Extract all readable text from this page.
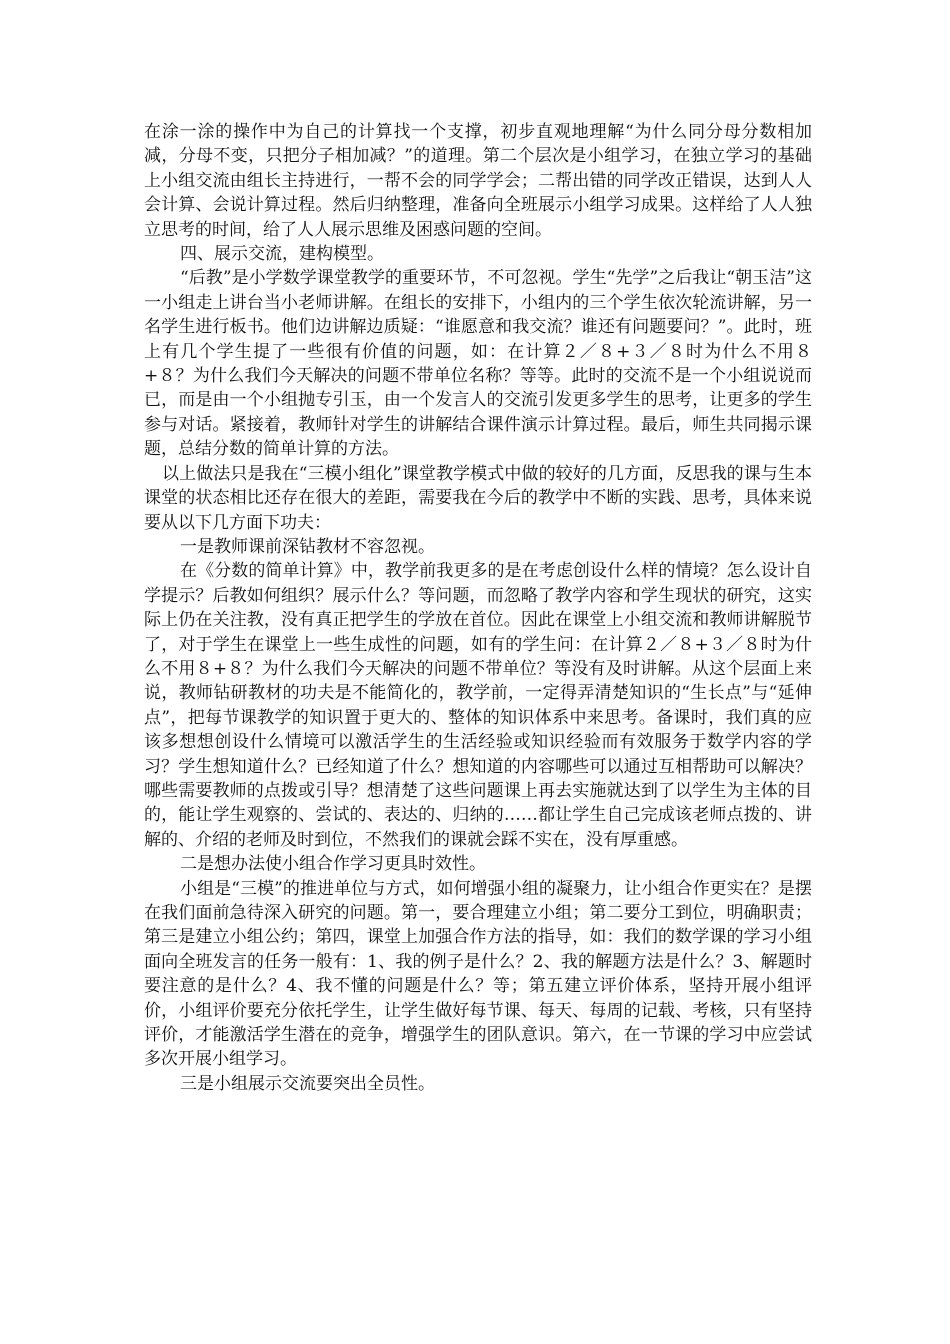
在涂一涂的操作中为自己的计算找一个支撑，初步直观地理解“为什么同分母分数相加减，分母不变，只把分子相加减？”的道理。第二个层次是小组学习，在独立学习的基础上小组交流由组长主持进行，一帮不会的同学学会；二帮出错的同学改正错误，达到人人会计算、会说计算过程。然后归纳整理，准备向全班展示小组学习成果。这样给了人人独立思考的时间，给了人人展示思维及困惑问题的空间。

四、展示交流，建构模型。

“后教”是小学数学课堂教学的重要环节，不可忽视。学生“先学”之后我让“朝玉洁”这一小组走上讲台当小老师讲解。在组长的安排下，小组内的三个学生依次轮流讲解，另一名学生进行板书。他们边讲解边质疑：“谁愿意和我交流？谁还有问题要问？”。此时，班上有几个学生提了一些很有价值的问题，如：在计算２／８+３／８时为什么不用８+８？为什么我们今天解决的问题不带单位名称？等等。此时的交流不是一个小组说说而已，而是由一个小组抛专引玉，由一个发言人的交流引发更多学生的思考，让更多的学生参与对话。紧接着，教师针对学生的讲解结合课件演示计算过程。最后，师生共同揭示课题，总结分数的简单计算的方法。

以上做法只是我在“三模小组化”课堂教学模式中做的较好的几方面，反思我的课与生本课堂的状态相比还存在很大的差距，需要我在今后的教学中不断的实践、思考，具体来说要从以下几方面下功夫：

一是教师课前深钻教材不容忽视。

在《分数的简单计算》中，教学前我更多的是在考虑创设什么样的情境？怎么设计自学提示？后教如何组织？展示什么？等问题，而忽略了教学内容和学生现状的研究，这实际上仍在关注教，没有真正把学生的学放在首位。因此在课堂上小组交流和教师讲解脱节了，对于学生在课堂上一些生成性的问题，如有的学生问：在计算２／８+３／８时为什么不用８+８？为什么我们今天解决的问题不带单位？等没有及时讲解。从这个层面上来说，教师钻研教材的功夫是不能简化的，教学前，一定得弄清楚知识的“生长点”与“延伸点”，把每节课教学的知识置于更大的、整体的知识体系中来思考。备课时，我们真的应该多想想创设什么情境可以激活学生的生活经验或知识经验而有效服务于数学内容的学习？学生想知道什么？已经知道了什么？想知道的内容哪些可以通过互相帮助可以解决？哪些需要教师的点拨或引导？想清楚了这些问题课上再去实施就达到了以学生为主体的目的，能让学生观察的、尝试的、表达的、归纳的……都让学生自己完成该老师点拨的、讲解的、介绍的老师及时到位，不然我们的课就会踩不实在，没有厚重感。

二是想办法使小组合作学习更具时效性。

小组是“三模”的推进单位与方式，如何增强小组的凝聚力，让小组合作更实在？是摆在我们面前急待深入研究的问题。第一，要合理建立小组；第二要分工到位，明确职责；第三是建立小组公约；第四，课堂上加强合作方法的指导，如：我们的数学课的学习小组面向全班发言的任务一般有：1、我的例子是什么？2、我的解题方法是什么？3、解题时要注意的是什么？4、我不懂的问题是什么？等；第五建立评价体系，坚持开展小组评价，小组评价要充分依托学生，让学生做好每节课、每天、每周的记载、考核，只有坚持评价，才能激活学生潜在的竞争，增强学生的团队意识。第六，在一节课的学习中应尝试多次开展小组学习。

三是小组展示交流要突出全员性。
